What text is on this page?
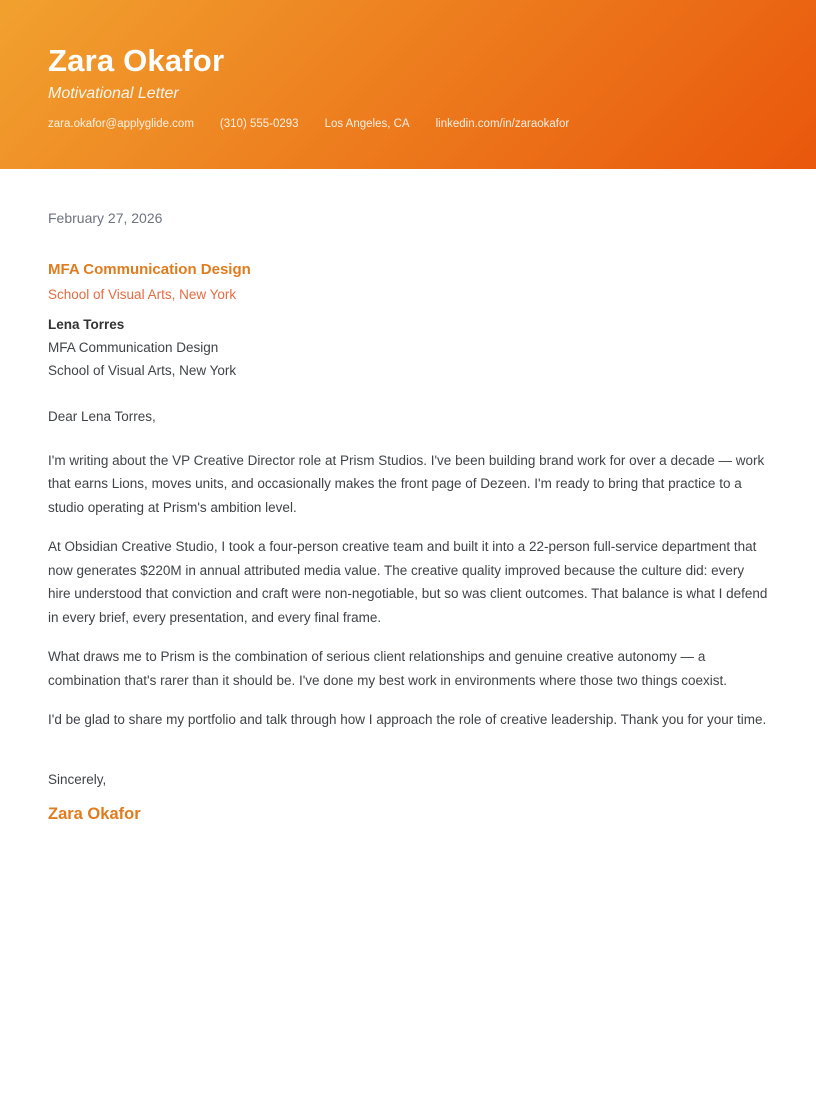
Zara Okafor
Motivational Letter
zara.okafor@applyglide.com (310) 555-0293 Los Angeles, CA linkedin.com/in/zaraokafor
February 27, 2026
MFA Communication Design
School of Visual Arts, New York
Lena Torres
MFA Communication Design
School of Visual Arts, New York

Dear Lena Torres,

I'm writing about the VP Creative Director role at Prism Studios. I've been building brand work for over a decade — work that earns Lions, moves units, and occasionally makes the front page of Dezeen. I'm ready to bring that practice to a studio operating at Prism's ambition level.

At Obsidian Creative Studio, I took a four-person creative team and built it into a 22-person full-service department that now generates $220M in annual attributed media value. The creative quality improved because the culture did: every hire understood that conviction and craft were non-negotiable, but so was client outcomes. That balance is what I defend in every brief, every presentation, and every final frame.

What draws me to Prism is the combination of serious client relationships and genuine creative autonomy — a combination that's rarer than it should be. I've done my best work in environments where those two things coexist.

I'd be glad to share my portfolio and talk through how I approach the role of creative leadership. Thank you for your time.

Sincerely,

Zara Okafor
